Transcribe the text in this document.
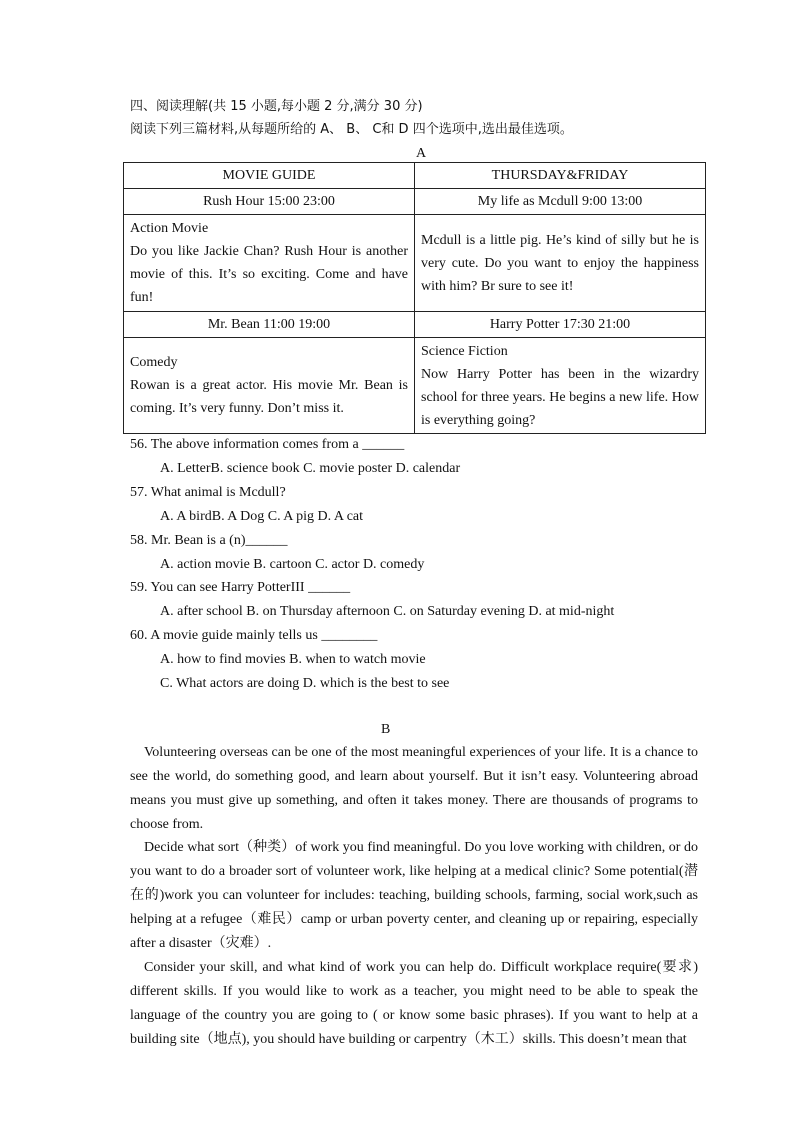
四、阅读理解(共 15 小题,每小题 2 分,满分 30 分)
阅读下列三篇材料,从每题所给的 A、 B、 C和 D 四个选项中,选出最佳选项。
A
MOVIE GUIDE	THURSDAY&FRIDAY
Rush Hour 15:00 23:00	My life as Mcdull 9:00 13:00

Action Movie
Do you like Jackie Chan? Rush Hour is another movie of this. It’s so exciting. Come and have fun!	Mcdull is a little pig. He’s kind of silly but he is very cute. Do you want to enjoy the happiness with him? Br sure to see it!
Mr. Bean 11:00 19:00	Harry Potter 17:30 21:00

Comedy
Rowan is a great actor. His movie Mr. Bean is coming. It’s very funny. Don’t miss it.	Science Fiction
Now Harry Potter has been in the wizardry school for three years. He begins a new life. How is everything going?
56. The above information comes from a ______
A. LetterB. science book C. movie poster D. calendar
57. What animal is Mcdull?
A. A birdB. A Dog C. A pig D. A cat
58. Mr. Bean is a (n)______
A. action movie B. cartoon C. actor D. comedy
59. You can see Harry PotterIII ______
A. after school B. on Thursday afternoon C. on Saturday evening D. at mid-night
60. A movie guide mainly tells us ________
A. how to find movies B. when to watch movie
C. What actors are doing D. which is the best to see
B
Volunteering overseas can be one of the most meaningful experiences of your life. It is a chance to see the world, do something good, and learn about yourself. But it isn’t easy. Volunteering abroad means you must give up something, and often it takes money. There are thousands of programs to choose from.
Decide what sort（种类）of work you find meaningful. Do you love working with children, or do you want to do a broader sort of volunteer work, like helping at a medical clinic? Some potential(潜在的)work you can volunteer for includes: teaching, building schools, farming, social work,such as helping at a refugee（难民）camp or urban poverty center, and cleaning up or repairing, especially after a disaster（灾难）.
Consider your skill, and what kind of work you can help do. Difficult workplace require(要求) different skills. If you would like to work as a teacher, you might need to be able to speak the language of the country you are going to ( or know some basic phrases). If you want to help at a building site（地点), you should have building or carpentry（木工）skills. This doesn’t mean that
